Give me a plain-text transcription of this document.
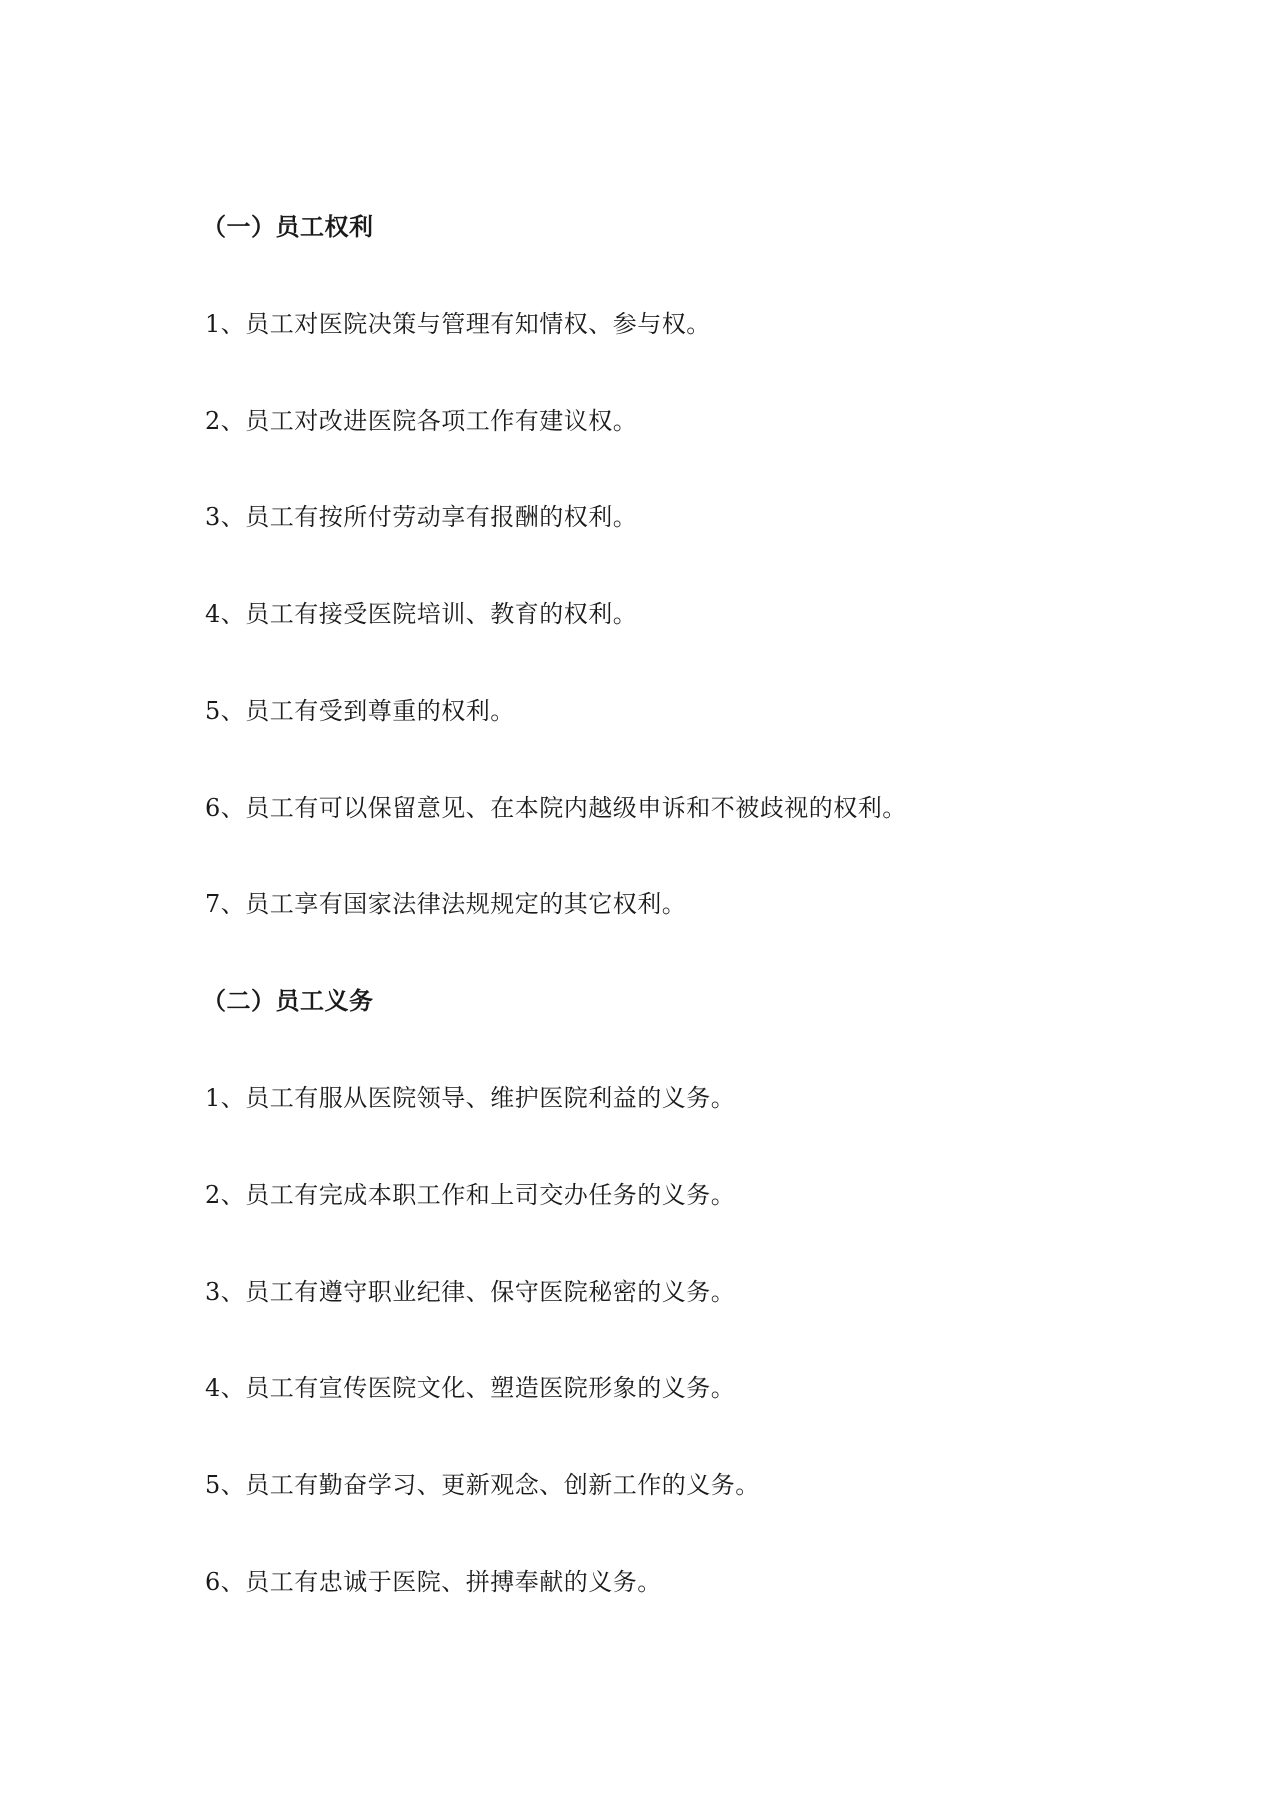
（一）员工权利
1、员工对医院决策与管理有知情权、参与权。
2、员工对改进医院各项工作有建议权。
3、员工有按所付劳动享有报酬的权利。
4、员工有接受医院培训、教育的权利。
5、员工有受到尊重的权利。
6、员工有可以保留意见、在本院内越级申诉和不被歧视的权利。
7、员工享有国家法律法规规定的其它权利。
（二）员工义务
1、员工有服从医院领导、维护医院利益的义务。
2、员工有完成本职工作和上司交办任务的义务。
3、员工有遵守职业纪律、保守医院秘密的义务。
4、员工有宣传医院文化、塑造医院形象的义务。
5、员工有勤奋学习、更新观念、创新工作的义务。
6、员工有忠诚于医院、拼搏奉献的义务。
